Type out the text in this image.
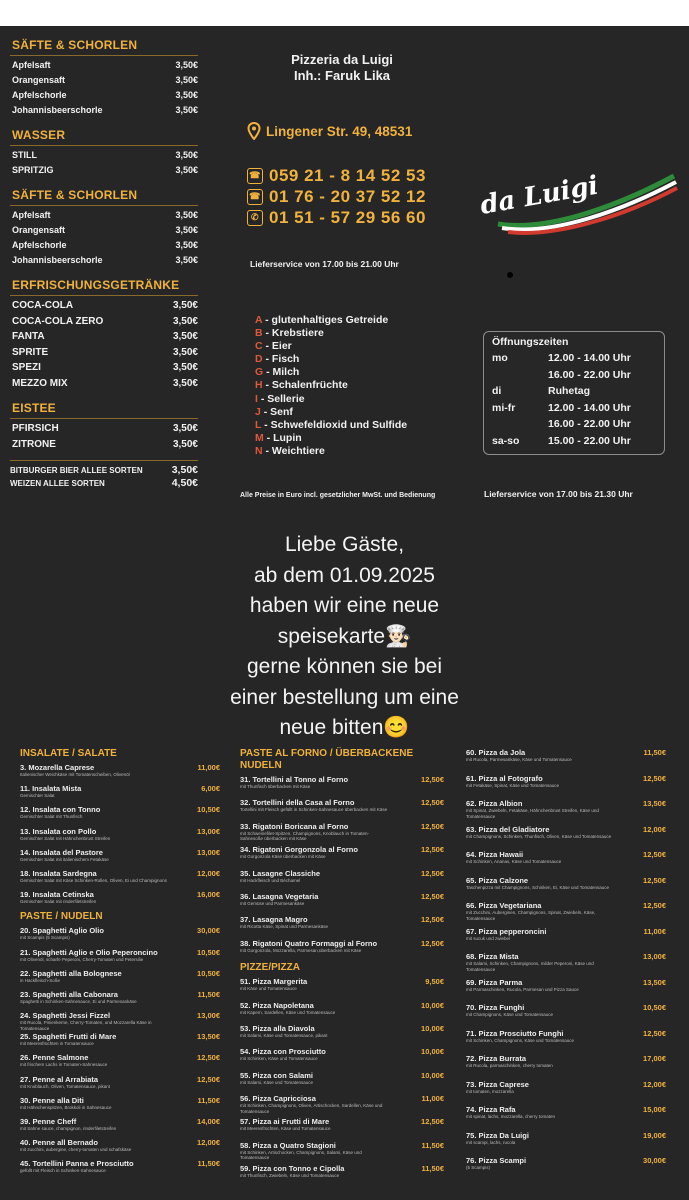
SÄFTE & SCHORLEN
Apfelsaft	3,50€
Orangensaft	3,50€
Apfelschorle	3,50€
Johannisbeerschorle	3,50€
WASSER
STILL	3,50€
SPRITZIG	3,50€
SÄFTE & SCHORLEN
Apfelsaft	3,50€
Orangensaft	3,50€
Apfelschorle	3,50€
Johannisbeerschorle	3,50€
ERFRISCHUNGSGETRÄNKE
COCA-COLA	3,50€
COCA-COLA ZERO	3,50€
FANTA	3,50€
SPRITE	3,50€
SPEZI	3,50€
MEZZO MIX	3,50€
EISTEE
PFIRSICH	3,50€
ZITRONE	3,50€
BITBURGER BIER ALLEE SORTEN	3,50€
WEIZEN ALLEE SORTEN	4,50€
Pizzeria da Luigi
Inh.: Faruk Lika
Lingener Str. 49, 48531
☎ 059 21 - 8 14 52 53
☎ 01 76 - 20 37 52 12
✆ 01 51 - 57 29 56 60
Lieferservice von 17.00 bis 21.00 Uhr
A - glutenhaltiges Getreide
B - Krebstiere
C - Eier
D - Fisch
G - Milch
H - Schalenfrüchte
I - Sellerie
J - Senf
L - Schwefeldioxid und Sulfide
M - Lupin
N - Weichtiere
da Luigi
Öffnungszeiten
mo	12.00 - 14.00 Uhr
16.00 - 22.00 Uhr
di	Ruhetag
mi-fr	12.00 - 14.00 Uhr
16.00 - 22.00 Uhr
sa-so	15.00 - 22.00 Uhr
Alle Preise in Euro incl. gesetzlicher MwSt. und Bedienung	Lieferservice von 17.00 bis 21.30 Uhr
Liebe Gäste,
ab dem 01.09.2025
haben wir eine neue
speisekarte👨🏻‍🍳
gerne können sie bei
einer bestellung um eine
neue bitten😊
INSALATE / SALATE
3. Mozarella Caprese
Italienischer Weichkäse mit Tomatenscheiben, Olivenöl
11,00€
11. Insalata Mista
Gemischter Salat
6,00€
12. Insalata con Tonno
Gemischter Salat mit Thunfisch
10,50€
13. Insalata con Pollo
Gemischter Salat mit Hähnchenbrust Streifen
13,00€
14. Insalata del Pastore
Gemischter Salat mit italienischem Fetakäse
13,00€
18. Insalata Sardegna
Gemischter Salat mit Käse Schinken-Rollen, Oliven, Ei und Champignons
12,00€
19. Insalata Cetinska
Gemischter Salat mit rinderfiletstreifen
16,00€
PASTE / NUDELN
20. Spaghetti Aglio Olio
mit Scampis (5 Scampis)
30,00€
21. Spaghetti Aglio e Olio Peperoncino
mit Olivenöl, scharfe Peperoni, Cherry-Tomaten und Petersilie
10,50€
22. Spaghetti alla Bolognese
in Hackfleisch-Soße
10,50€
23. Spaghetti alla Cabonara
Spaghetti in Schinken-Sahnesauce, Ei und Parmesankäse
11,50€
24. Spaghetti Jessi Fizzel
mit Rucola, Pinienkerne, Cherry-Tomaten, und Mozzarella Käse in Tomatensauce
13,00€
25. Spaghetti Frutti di Mare
mit Meeresfrüchten in Tomatensauce
13,50€
26. Penne Salmone
mit frischem Lachs in Tomaten-Sahnesauce
12,50€
27. Penne al Arrabiata
mit Knoblauch, Oliven, Tomatensauce, pikant
12,50€
30. Penne alla Diti
mit Hähnchenspitzen, Brokkoli in Sahnesauce
11,50€
39. Penne Cheff
mit Sahne sauce, champignon, rinderfiletstreifen
14,00€
40. Penne all Bernado
mit zucchini, aubergine, cherry-tomaten und schafskäse
12,00€
45. Tortellini Panna e Prosciutto
gefüllt mit Fleisch in Schinken-Sahnesauce
11,50€
PASTE AL FORNO / ÜBERBACKENE NUDELN
31. Tortellini al Tonno al Forno
mit Thunfisch überbacken mit Käse
12,50€
32. Tortellini della Casa al Forno
Tortellini mit Fleisch gefüllt in Schinken-Sahnesauce überbacken mit Käse
12,50€
33. Rigatoni Boricana al Forno
mit Schweinefilet-Spitzen, Champignons, Knoblauch in Tomaten-Sahnesoße überbacken mit Käse
12,50€
34. Rigatoni Gorgonzola al Forno
mit Gorgonzola Käse überbacken mit Käse
12,50€
35. Lasagne Classiche
mit Hackfleisch und Béchamel
12,50€
36. Lasagna Vegetaria
mit Gemüse und Parmesankäse
12,50€
37. Lasagna Magro
mit Ricotta Käse, Spinat und Parmesankäse
12,50€
38. Rigatoni Quatro Formaggi al Forno
mit Gorgonzola, Mozzarella, Parmesan,überbacken mit Käse
12,50€
PIZZE/PIZZA
51. Pizza Margerita
mit Käse und Tomatensauce
9,50€
52. Pizza Napoletana
mit Kapern, Sardellen, Käse und Tomatensauce
10,00€
53. Pizza alla Diavola
mit Salami, Käse und Tomatensauce, pikant
10,00€
54. Pizza con Prosciutto
mit Schinken, Käse und Tomatensauce
10,00€
55. Pizza con Salami
mit Salami, Käse und Tomatensauce
10,00€
56. Pizza Capricciosa
mit Schinken, Champignons, Oliven, Artischocken, Sardellen, Käse und Tomatensauce
11,00€
57. Pizza ai Frutti di Mare
mit Meeresfrüchten, Käse und Tomatensauce
12,50€
58. Pizza a Quatro Stagioni
mit Schinken, Artischocken, Champignons, Salami, Käse und Tomatensauce
11,50€
59. Pizza con Tonno e Cipolla
mit Thunfisch, Zwiebeln, Käse und Tomatensauce
11,50€
60. Pizza da Jola
mit Rucola, Parmesankäse, Käse und Tomatensauce
11,50€
61. Pizza al Fotografo
mit Fetakäse, Spinat, Käse und Tomatensauce
12,50€
62. Pizza Albion
mit Spinat, Zwiebeln, Fetakäse, Hähnchenbrust Streifen, Käse und Tomatensauce
13,50€
63. Pizza del Gladiatore
mit Champignons, Schinken, Thunfisch, Oliven, Käse und Tomatensauce
12,00€
64. Pizza Hawaii
mit Schinken, Ananas, Käse und Tomatensauce
12,50€
65. Pizza Calzone
Taschenpizza mit Champignons, Schinken, Ei, Käse und Tomatensauce
12,50€
66. Pizza Vegetariana
mit Zucchini, Auberginen, Champignons, Spinat, Zwiebeln, Käse, Tomatensauce
12,50€
67. Pizza pepperoncini
mit sucuk und zwiebel
11,00€
68. Pizza Mista
mit Salami, Schinken, Champignons, milder Peperoni, Käse und Tomatensauce
13,00€
69. Pizza Parma
mit Parmaschinken, Rucola, Parmesan und Pizza Sauce
13,50€
70. Pizza Funghi
mit Champignons, Käse und Tomatensauce
10,50€
71. Pizza Prosciutto Funghi
mit Schinken, Champignons, Käse und Tomatensauce
12,50€
72. Pizza Burrata
mit Rucola, parmaschinken, cherry tomaten
17,00€
73. Pizza Caprese
mit tomaten, mozzarella
12,00€
74. Pizza Rafa
mit spinat, lachs, mozzarella, cherry tomaten
15,00€
75. Pizza Da Luigi
mit scampi, lachs, rucola
19,00€
76. Pizza Scampi
(5 Scampis)
30,00€
